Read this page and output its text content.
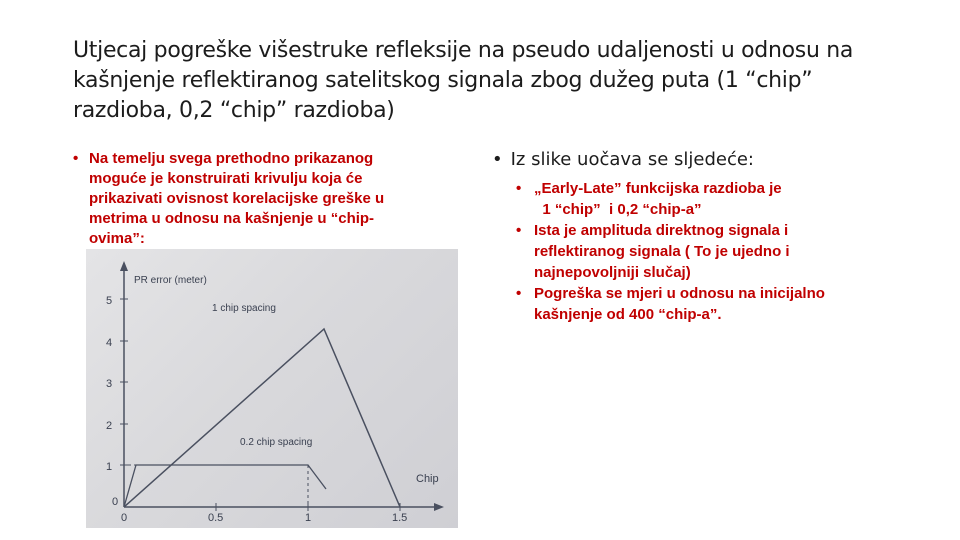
Utjecaj pogreške višestruke refleksije na pseudo udaljenosti u odnosu na
kašnjenje reflektiranog satelitskog signala zbog dužeg puta (1 “chip”
razdioba, 0,2 “chip” razdioba)
• Na temelju svega prethodno prikazanog
moguće je konstruirati krivulju koja će
prikazivati ovisnost korelacijske greške u
metrima u odnosu na kašnjenje u “chip-
ovima”:
5
4
3
2
1
0
0	0.5	1	1.5
PR error (meter)
Chip
1 chip spacing
0.2 chip spacing
• Iz slike uočava se sljedeće:
• „Early-Late” funkcijska razdioba je
1 “chip”  i 0,2 “chip-a”
• Ista je amplituda direktnog signala i
reflektiranog signala ( To je ujedno i
najnepovoljniji slučaj)
• Pogreška se mjeri u odnosu na inicijalno
kašnjenje od 400 “chip-a”.
